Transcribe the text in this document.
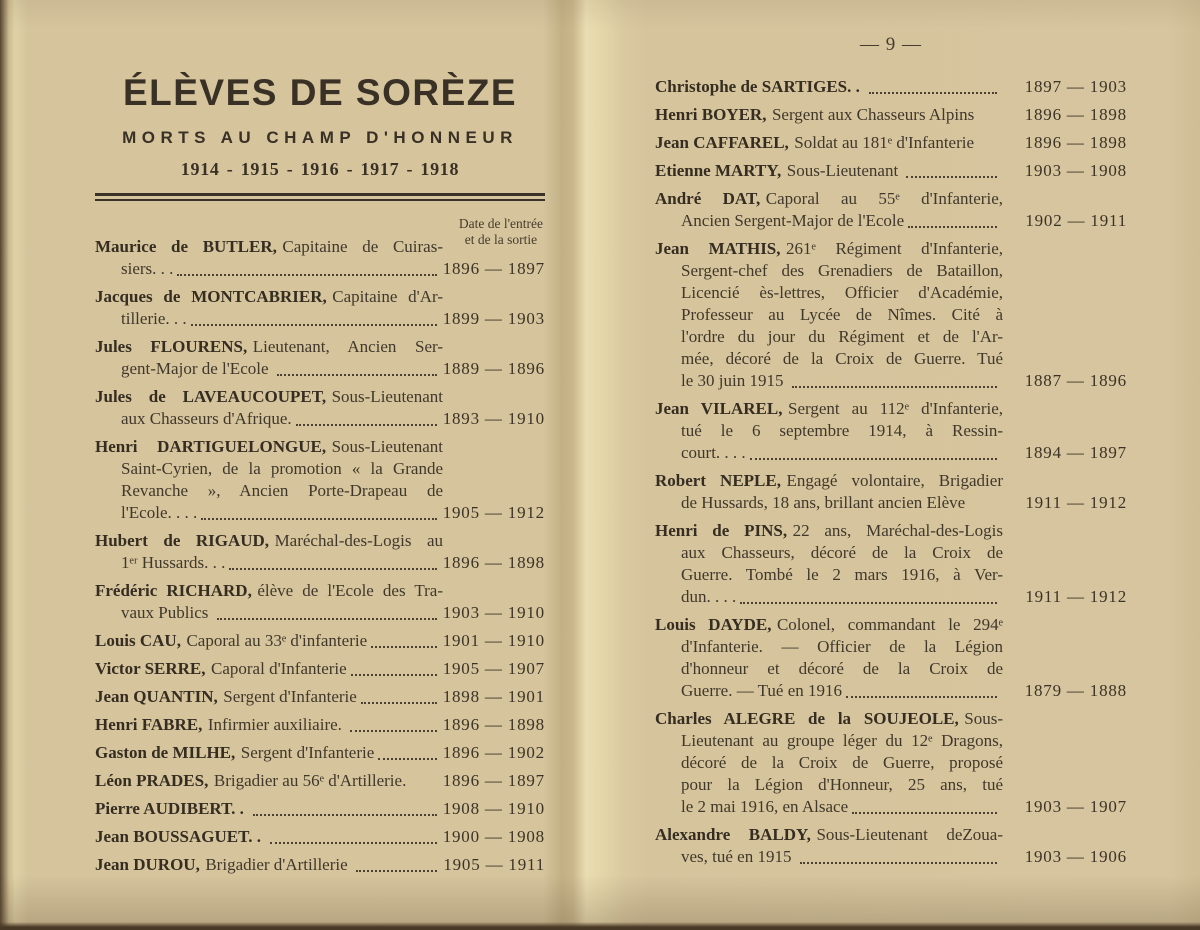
ÉLÈVES DE SORÈZE
MORTS AU CHAMP D'HONNEUR
1914 - 1915 - 1916 - 1917 - 1918
Date de l'entrée
et de la sortie
Maurice de BUTLER, Capitaine de Cuiras-
siers. . .	1896 — 1897
Jacques de MONTCABRIER, Capitaine d'Ar-
tillerie. . .	1899 — 1903
Jules FLOURENS, Lieutenant, Ancien Ser-
gent-Major de l'Ecole	1889 — 1896
Jules de LAVEAUCOUPET, Sous-Lieutenant
aux Chasseurs d'Afrique.	1893 — 1910
Henri DARTIGUELONGUE, Sous-Lieutenant
Saint-Cyrien, de la promotion « la Grande
Revanche », Ancien Porte-Drapeau de
l'Ecole. . . .	1905 — 1912
Hubert de RIGAUD, Maréchal-des-Logis au
1ᵉʳ Hussards. . .	1896 — 1898
Frédéric RICHARD, élève de l'Ecole des Tra-
vaux Publics	1903 — 1910
Louis CAU, Caporal au 33ᵉ d'infanterie	1901 — 1910
Victor SERRE, Caporal d'Infanterie	1905 — 1907
Jean QUANTIN, Sergent d'Infanterie	1898 — 1901
Henri FABRE, Infirmier auxiliaire.	1896 — 1898
Gaston de MILHE, Sergent d'Infanterie	1896 — 1902
Léon PRADES, Brigadier au 56ᵉ d'Artillerie. 1896 — 1897
Pierre AUDIBERT. .	1908 — 1910
Jean BOUSSAGUET. .	1900 — 1908
Jean DUROU, Brigadier d'Artillerie	1905 — 1911
— 9 —
Christophe de SARTIGES. .	1897 — 1903
Henri BOYER, Sergent aux Chasseurs Alpins	1896 — 1898
Jean CAFFAREL, Soldat au 181ᵉ d'Infanterie	1896 — 1898
Etienne MARTY, Sous-Lieutenant	1903 — 1908
André DAT, Caporal au 55ᵉ d'Infanterie,
Ancien Sergent-Major de l'Ecole	1902 — 1911
Jean MATHIS, 261ᵉ Régiment d'Infanterie,
Sergent-chef des Grenadiers de Bataillon,
Licencié ès-lettres, Officier d'Académie,
Professeur au Lycée de Nîmes. Cité à
l'ordre du jour du Régiment et de l'Ar-
mée, décoré de la Croix de Guerre. Tué
le 30 juin 1915	1887 — 1896
Jean VILAREL, Sergent au 112ᵉ d'Infanterie,
tué le 6 septembre 1914, à Ressin-
court. . . .	1894 — 1897
Robert NEPLE, Engagé volontaire, Brigadier
de Hussards, 18 ans, brillant ancien Elève	1911 — 1912
Henri de PINS, 22 ans, Maréchal-des-Logis
aux Chasseurs, décoré de la Croix de
Guerre. Tombé le 2 mars 1916, à Ver-
dun. . . .	1911 — 1912
Louis DAYDE, Colonel, commandant le 294ᵉ
d'Infanterie. — Officier de la Légion
d'honneur et décoré de la Croix de
Guerre. — Tué en 1916	1879 — 1888
Charles ALEGRE de la SOUJEOLE, Sous-
Lieutenant au groupe léger du 12ᵉ Dragons,
décoré de la Croix de Guerre, proposé
pour la Légion d'Honneur, 25 ans, tué
le 2 mai 1916, en Alsace	1903 — 1907
Alexandre BALDY, Sous-Lieutenant deZoua-
ves, tué en 1915	1903 — 1906
